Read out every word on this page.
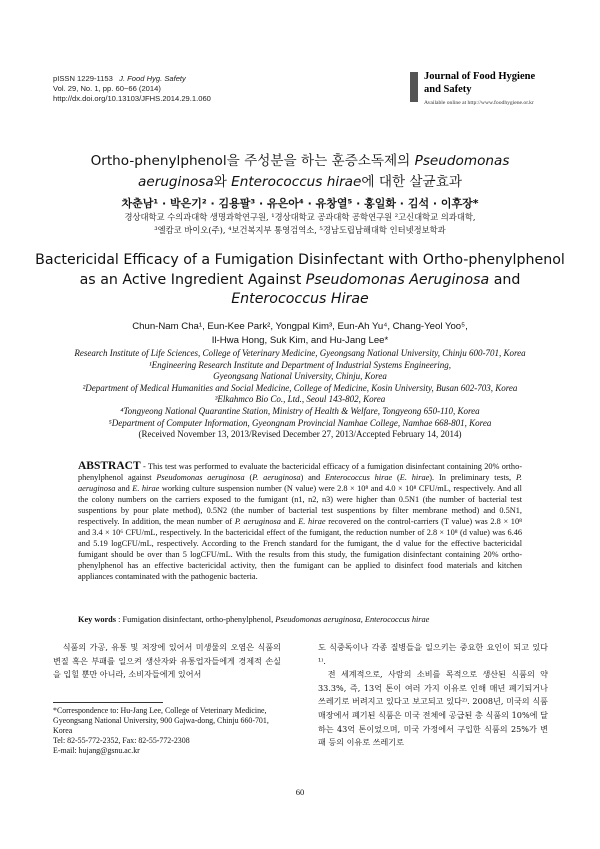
pISSN 1229-1153 J. Food Hyg. Safety
Vol. 29, No. 1, pp. 60~66 (2014)
http://dx.doi.org/10.13103/JFHS.2014.29.1.060
Journal of Food Hygiene
and Safety
Available online at http://www.foodhygiene.or.kr
Ortho-phenylphenol을 주성분을 하는 훈증소독제의 Pseudomonas
aeruginosa와 Enterococcus hirae에 대한 살균효과
차춘남¹ · 박은기² · 김용팔³ · 유은아⁴ · 유창열⁵ · 홍일화 · 김석 · 이후장*
경상대학교 수의과대학 생명과학연구원, ¹경상대학교 공과대학 공학연구원 ²고신대학교 의과대학,
³엘캄코 바이오(주), ⁴보건복지부 통영검역소, ⁵경남도립남해대학 인터넷정보학과
Bactericidal Efficacy of a Fumigation Disinfectant with Ortho-phenylphenol
as an Active Ingredient Against Pseudomonas Aeruginosa and
Enterococcus Hirae
Chun-Nam Cha¹, Eun-Kee Park², Yongpal Kim³, Eun-Ah Yu⁴, Chang-Yeol Yoo⁵,
Il-Hwa Hong, Suk Kim, and Hu-Jang Lee*
Research Institute of Life Sciences, College of Veterinary Medicine, Gyeongsang National University, Chinju 600-701, Korea
¹Engineering Research Institute and Department of Industrial Systems Engineering,
Gyeongsang National University, Chinju, Korea
²Department of Medical Humanities and Social Medicine, College of Medicine, Kosin University, Busan 602-703, Korea
³Elkahmco Bio Co., Ltd., Seoul 143-802, Korea
⁴Tongyeong National Quarantine Station, Ministry of Health & Welfare, Tongyeong 650-110, Korea
⁵Department of Computer Information, Gyeongnam Provincial Namhae College, Namhae 668-801, Korea
(Received November 13, 2013/Revised December 27, 2013/Accepted February 14, 2014)
ABSTRACT - This test was performed to evaluate the bactericidal efficacy of a fumigation disinfectant containing 20% ortho-phenylphenol against Pseudomonas aeruginosa (P. aeruginosa) and Enterococcus hirae (E. hirae). In preliminary tests, P. aeruginosa and E. hirae working culture suspension number (N value) were 2.8 × 10⁸ and 4.0 × 10⁸ CFU/mL, respectively. And all the colony numbers on the carriers exposed to the fumigant (n1, n2, n3) were higher than 0.5N1 (the number of bacterial test suspentions by pour plate method), 0.5N2 (the number of bacterial test suspentions by filter membrane method) and 0.5N1, respectively. In addition, the mean number of P. aeruginosa and E. hirae recovered on the control-carriers (T value) was 2.8 × 10⁸ and 3.4 × 10⁶ CFU/mL, respectively. In the bactericidal effect of the fumigant, the reduction number of 2.8 × 10⁸ (d value) was 6.46 and 5.19 logCFU/mL, respectively. According to the French standard for the fumigant, the d value for the effective bactericidal fumigant should be over than 5 logCFU/mL. With the results from this study, the fumigation disinfectant containing 20% ortho-phenylphenol has an effective bactericidal activity, then the fumigant can be applied to disinfect food materials and kitchen appliances contaminated with the pathogenic bacteria.
Key words : Fumigation disinfectant, ortho-phenylphenol, Pseudomonas aeruginosa, Enterococcus hirae

식품의 가공, 유통 및 저장에 있어서 미생물의 오염은 식품의 변질 혹은 부패를 일으켜 생산자와 유통업자들에게 경제적 손실을 입힐 뿐만 아니라, 소비자들에게 있어서

도 식중독이나 각종 질병들을 일으키는 중요한 요인이 되고 있다¹⁾.

전 세계적으로, 사람의 소비를 목적으로 생산된 식품의 약 33.3%, 즉, 13억 톤이 여러 가지 이유로 인해 매년 폐기되거나 쓰레기로 버려지고 있다고 보고되고 있다²⁾. 2008년, 미국의 식품매장에서 폐기된 식품은 미국 전체에 공급된 총 식품의 10%에 달하는 43억 톤이었으며, 미국 가정에서 구입한 식품의 25%가 변패 등의 이유로 쓰레기로

*Correspondence to: Hu-Jang Lee, College of Veterinary Medicine, Gyeongsang National University, 900 Gajwa-dong, Chinju 660-701, Korea
Tel: 82-55-772-2352, Fax: 82-55-772-2308
E-mail: hujang@gsnu.ac.kr
60
